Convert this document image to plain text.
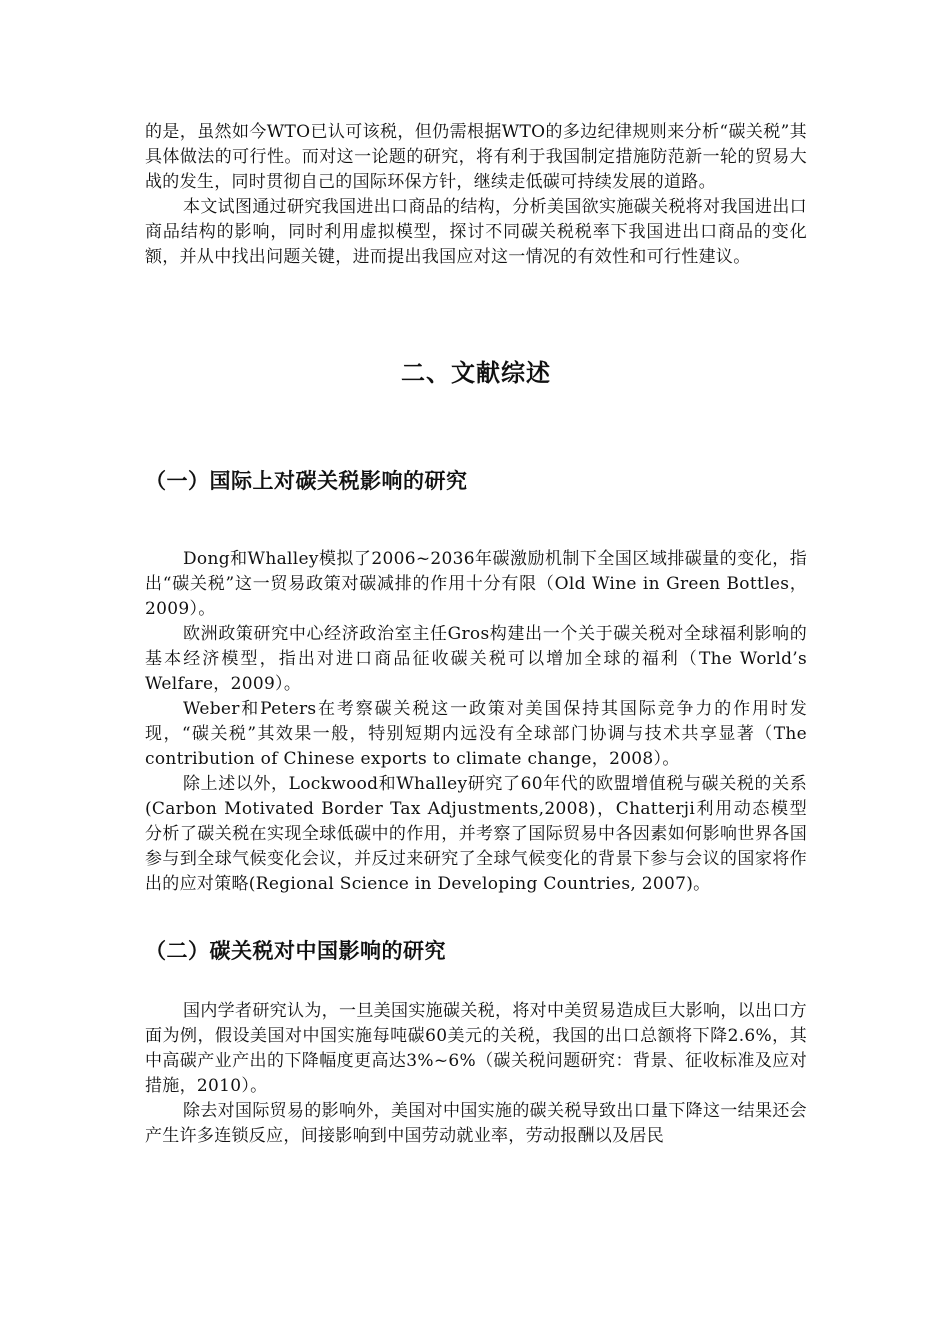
的是，虽然如今WTO已认可该税，但仍需根据WTO的多边纪律规则来分析“碳关税”其具体做法的可行性。而对这一论题的研究，将有利于我国制定措施防范新一轮的贸易大战的发生，同时贯彻自己的国际环保方针，继续走低碳可持续发展的道路。

本文试图通过研究我国进出口商品的结构，分析美国欲实施碳关税将对我国进出口商品结构的影响，同时利用虚拟模型，探讨不同碳关税税率下我国进出口商品的变化额，并从中找出问题关键，进而提出我国应对这一情况的有效性和可行性建议。

二、文献综述
（一）国际上对碳关税影响的研究

Dong和Whalley模拟了2006~2036年碳激励机制下全国区域排碳量的变化，指出“碳关税”这一贸易政策对碳减排的作用十分有限（Old Wine in Green Bottles，2009）。

欧洲政策研究中心经济政治室主任Gros构建出一个关于碳关税对全球福利影响的基本经济模型，指出对进口商品征收碳关税可以增加全球的福利（The World’s Welfare，2009）。

Weber和Peters在考察碳关税这一政策对美国保持其国际竞争力的作用时发现，“碳关税”其效果一般，特别短期内远没有全球部门协调与技术共享显著（The contribution of Chinese exports to climate change，2008）。

除上述以外，Lockwood和Whalley研究了60年代的欧盟增值税与碳关税的关系(Carbon Motivated Border Tax Adjustments,2008)，Chatterji利用动态模型分析了碳关税在实现全球低碳中的作用，并考察了国际贸易中各因素如何影响世界各国参与到全球气候变化会议，并反过来研究了全球气候变化的背景下参与会议的国家将作出的应对策略(Regional Science in Developing Countries, 2007)。

（二）碳关税对中国影响的研究

国内学者研究认为，一旦美国实施碳关税，将对中美贸易造成巨大影响，以出口方面为例，假设美国对中国实施每吨碳60美元的关税，我国的出口总额将下降2.6%，其中高碳产业产出的下降幅度更高达3%~6%（碳关税问题研究：背景、征收标准及应对措施，2010）。

除去对国际贸易的影响外，美国对中国实施的碳关税导致出口量下降这一结果还会产生许多连锁反应，间接影响到中国劳动就业率，劳动报酬以及居民
